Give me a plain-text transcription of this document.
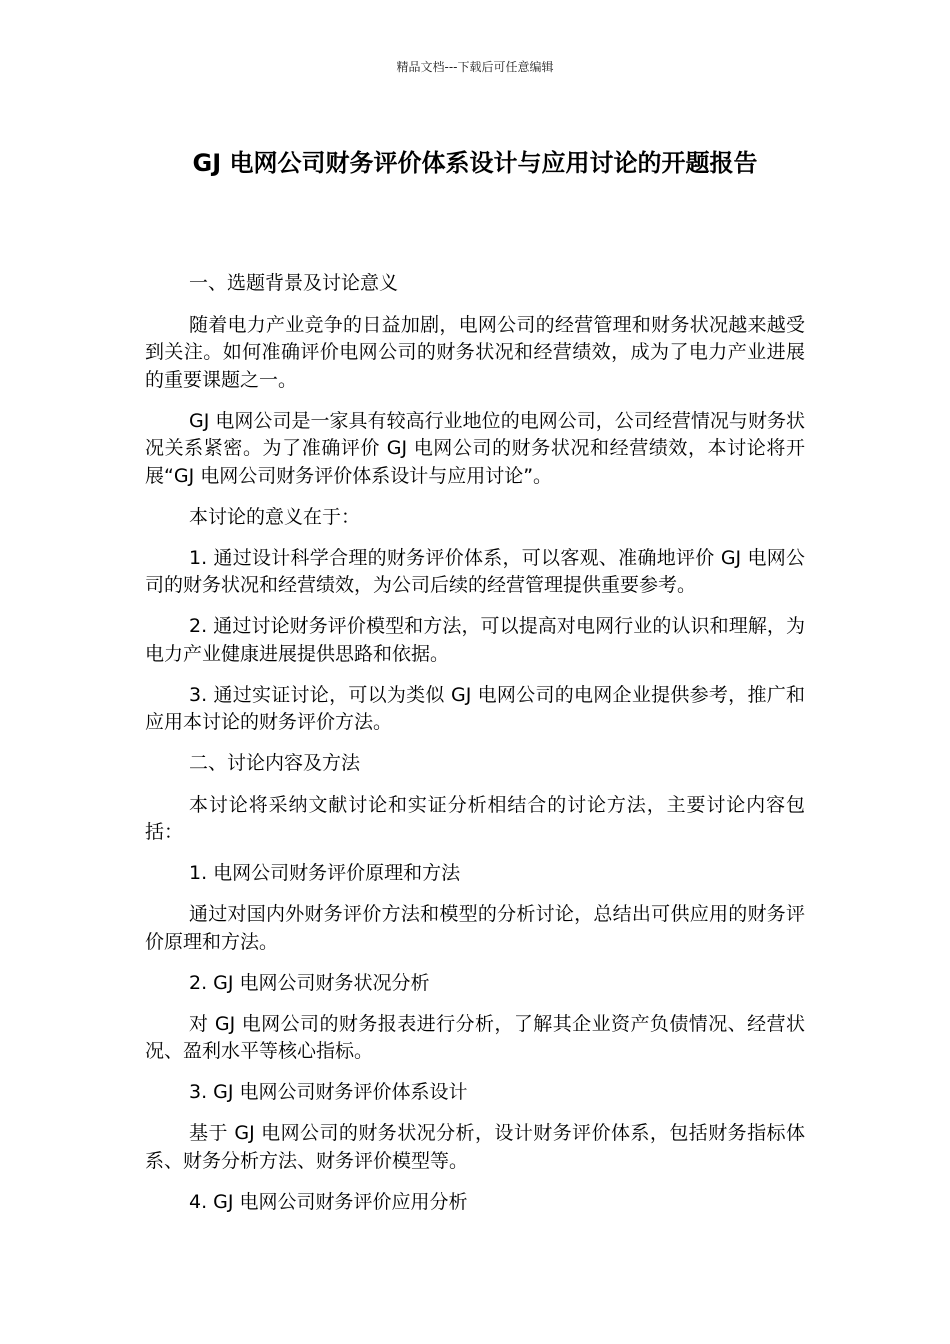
精品文档---下载后可任意编辑
GJ 电网公司财务评价体系设计与应用讨论的开题报告

一、选题背景及讨论意义

随着电力产业竞争的日益加剧，电网公司的经营管理和财务状况越来越受到关注。如何准确评价电网公司的财务状况和经营绩效，成为了电力产业进展的重要课题之一。

GJ 电网公司是一家具有较高行业地位的电网公司，公司经营情况与财务状况关系紧密。为了准确评价 GJ 电网公司的财务状况和经营绩效，本讨论将开展“GJ 电网公司财务评价体系设计与应用讨论”。

本讨论的意义在于：

1. 通过设计科学合理的财务评价体系，可以客观、准确地评价 GJ 电网公司的财务状况和经营绩效，为公司后续的经营管理提供重要参考。

2. 通过讨论财务评价模型和方法，可以提高对电网行业的认识和理解，为电力产业健康进展提供思路和依据。

3. 通过实证讨论，可以为类似 GJ 电网公司的电网企业提供参考，推广和应用本讨论的财务评价方法。

二、讨论内容及方法

本讨论将采纳文献讨论和实证分析相结合的讨论方法，主要讨论内容包括：

1. 电网公司财务评价原理和方法

通过对国内外财务评价方法和模型的分析讨论，总结出可供应用的财务评价原理和方法。

2. GJ 电网公司财务状况分析

对 GJ 电网公司的财务报表进行分析，了解其企业资产负债情况、经营状况、盈利水平等核心指标。

3. GJ 电网公司财务评价体系设计

基于 GJ 电网公司的财务状况分析，设计财务评价体系，包括财务指标体系、财务分析方法、财务评价模型等。

4. GJ 电网公司财务评价应用分析
